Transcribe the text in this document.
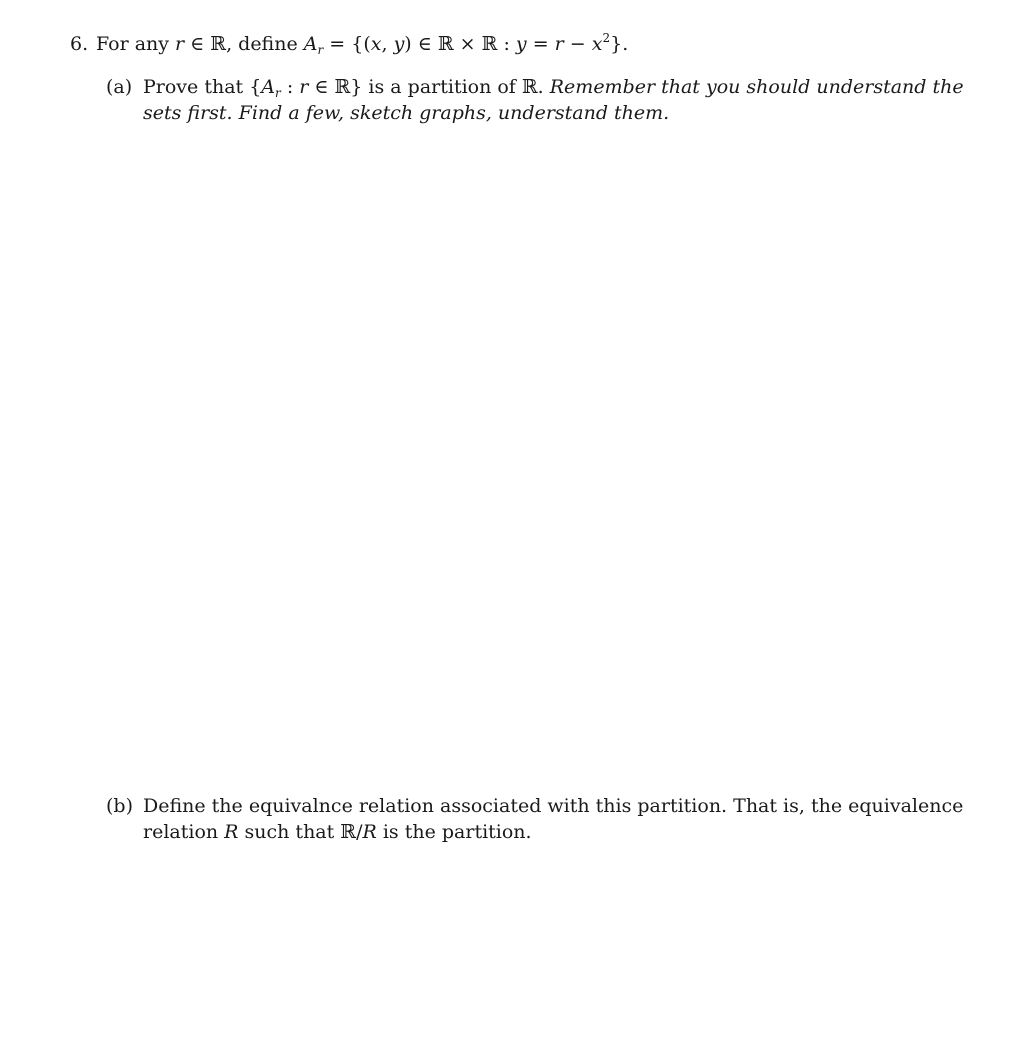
6. For any r ∈ ℝ, define $A_r = \{(x$, y) ∈ ℝ × ℝ : $y = r - x^2$}.
(a) Prove that {$A_r$ : r ∈ ℝ} is a partition of ℝ. Remember that you should understand the
sets first. Find a few, sketch graphs, understand them.
(b) Define the equivalnce relation associated with this partition. That is, the equivalence
relation R such that ℝ/R is the partition.
